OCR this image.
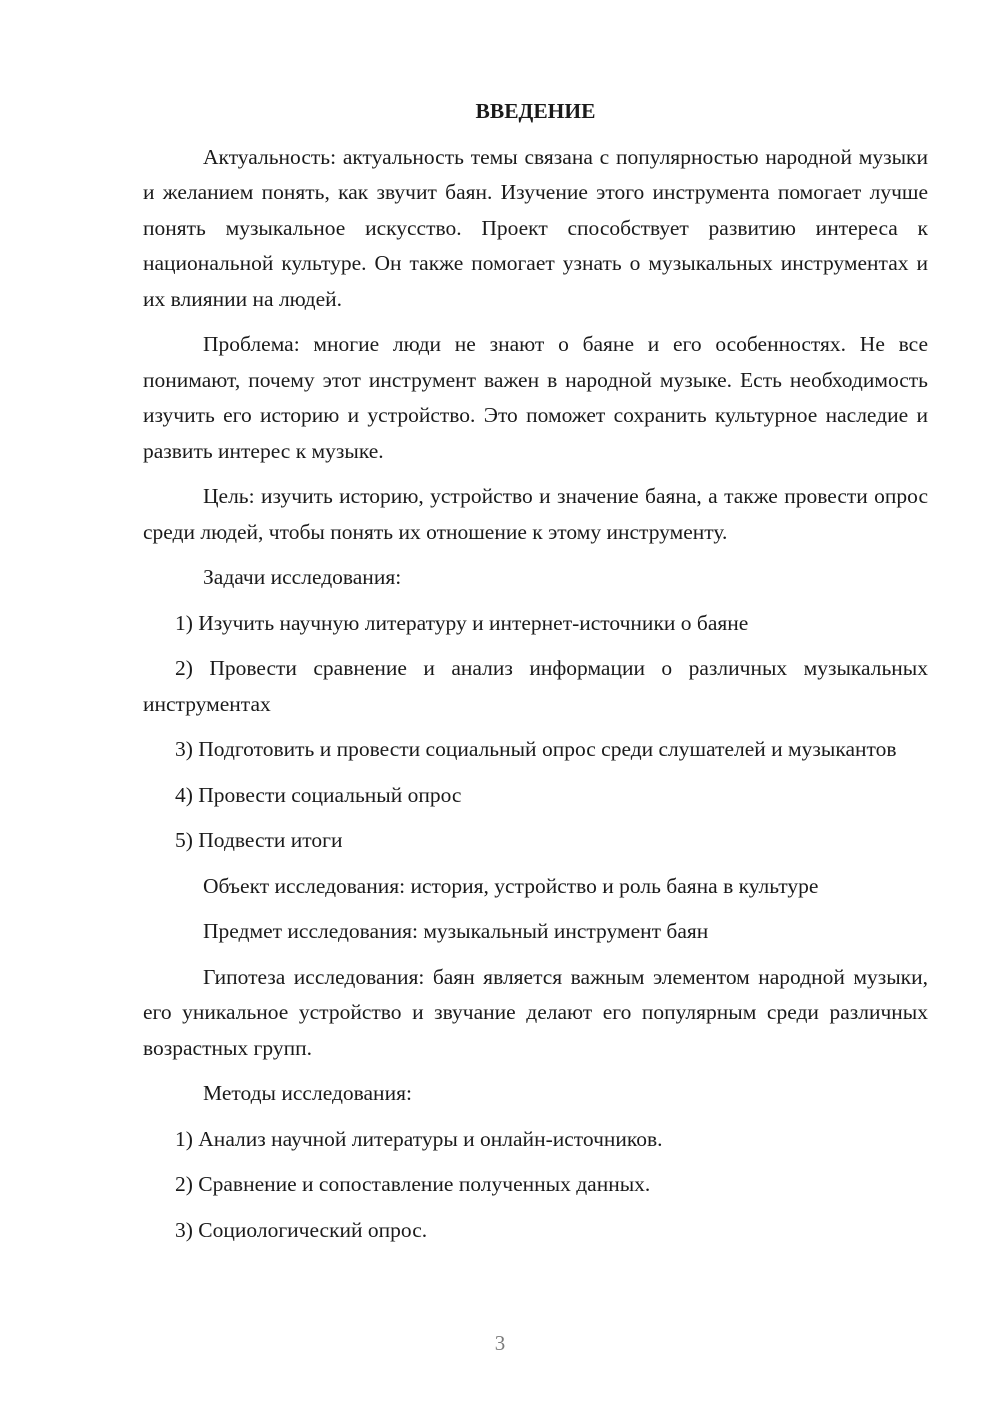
ВВЕДЕНИЕ

Актуальность: актуальность темы связана с популярностью народной музыки и желанием понять, как звучит баян. Изучение этого инструмента помогает лучше понять музыкальное искусство. Проект способствует развитию интереса к национальной культуре. Он также помогает узнать о музыкальных инструментах и их влиянии на людей.

Проблема: многие люди не знают о баяне и его особенностях. Не все понимают, почему этот инструмент важен в народной музыке. Есть необходимость изучить его историю и устройство. Это поможет сохранить культурное наследие и развить интерес к музыке.

Цель: изучить историю, устройство и значение баяна, а также провести опрос среди людей, чтобы понять их отношение к этому инструменту.

Задачи исследования:

1) Изучить научную литературу и интернет-источники о баяне

2) Провести сравнение и анализ информации о различных музыкальных инструментах

3) Подготовить и провести социальный опрос среди слушателей и музыкантов

4) Провести социальный опрос

5) Подвести итоги

Объект исследования: история, устройство и роль баяна в культуре

Предмет исследования: музыкальный инструмент баян

Гипотеза исследования: баян является важным элементом народной музыки, его уникальное устройство и звучание делают его популярным среди различных возрастных групп.

Методы исследования:

1) Анализ научной литературы и онлайн-источников.

2) Сравнение и сопоставление полученных данных.

3) Социологический опрос.

3
